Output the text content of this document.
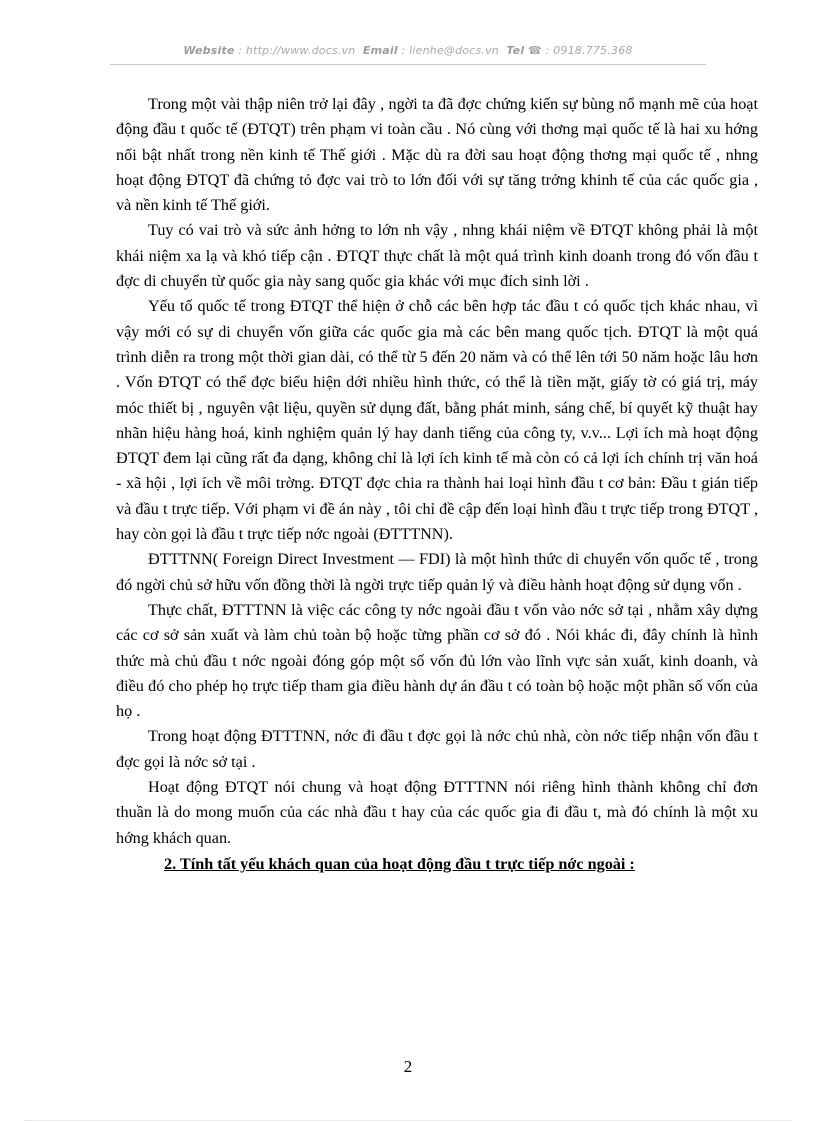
Website : http://www.docs.vn Email : lienhe@docs.vn Tel ☎ : 0918.775.368

Trong một vài thập niên trở lại đây , ngời ta đã đợc chứng kiến sự bùng nổ mạnh mẽ của hoạt động đầu t quốc tế (ĐTQT) trên phạm vi toàn cầu . Nó cùng với thơng mại quốc tế là hai xu hớng nổi bật nhất trong nền kinh tế Thế giới . Mặc dù ra đời sau hoạt động thơng mại quốc tế , nhng hoạt động ĐTQT đã chứng tỏ đợc vai trò to lớn đối với sự tăng trởng khinh tế của các quốc gia , và nền kinh tế Thế giới.

Tuy có vai trò và sức ảnh hởng to lớn nh vậy , nhng khái niệm về ĐTQT không phải là một khái niệm xa lạ và khó tiếp cận . ĐTQT thực chất là một quá trình kinh doanh trong đó vốn đầu t đợc di chuyển từ quốc gia này sang quốc gia khác với mục đích sinh lời .

Yếu tố quốc tế trong ĐTQT thể hiện ở chỗ các bên hợp tác đầu t có quốc tịch khác nhau, vì vậy mới có sự di chuyển vốn giữa các quốc gia mà các bên mang quốc tịch. ĐTQT là một quá trình diễn ra trong một thời gian dài, có thể từ 5 đến 20 năm và có thể lên tới 50 năm hoặc lâu hơn . Vốn ĐTQT có thể đợc biểu hiện dới nhiều hình thức, có thể là tiền mặt, giấy tờ có giá trị, máy móc thiết bị , nguyên vật liệu, quyền sử dụng đất, bằng phát minh, sáng chế, bí quyết kỹ thuật hay nhãn hiệu hàng hoá, kinh nghiệm quản lý hay danh tiếng của công ty, v.v... Lợi ích mà hoạt động ĐTQT đem lại cũng rất đa dạng, không chỉ là lợi ích kinh tế mà còn có cả lợi ích chính trị văn hoá - xã hội , lợi ích về môi trờng. ĐTQT đợc chia ra thành hai loại hình đầu t cơ bản: Đầu t gián tiếp và đầu t trực tiếp. Với phạm vi đề án này , tôi chỉ đề cập đến loại hình đầu t trực tiếp trong ĐTQT , hay còn gọi là đầu t trực tiếp nớc ngoài (ĐTTTNN).

ĐTTTNN( Foreign Direct Investment — FDI) là một hình thức di chuyển vốn quốc tế , trong đó ngời chủ sở hữu vốn đồng thời là ngời trực tiếp quản lý và điều hành hoạt động sử dụng vốn .

Thực chất, ĐTTTNN là việc các công ty nớc ngoài đầu t vốn vào nớc sở tại , nhằm xây dựng các cơ sở sản xuất và làm chủ toàn bộ hoặc từng phần cơ sở đó . Nói khác đi, đây chính là hình thức mà chủ đầu t nớc ngoài đóng góp một số vốn đủ lớn vào lĩnh vực sản xuất, kinh doanh, và điều đó cho phép họ trực tiếp tham gia điều hành dự án đầu t có toàn bộ hoặc một phần số vốn của họ .

Trong hoạt động ĐTTTNN, nớc đi đầu t đợc gọi là nớc chủ nhà, còn nớc tiếp nhận vốn đầu t đợc gọi là nớc sở tại .

Hoạt động ĐTQT nói chung và hoạt động ĐTTTNN nói riêng hình thành không chỉ đơn thuần là do mong muốn của các nhà đầu t hay của các quốc gia đi đầu t, mà đó chính là một xu hớng khách quan.

2. Tính tất yếu khách quan của hoạt động đầu t trực tiếp nớc ngoài :

2
